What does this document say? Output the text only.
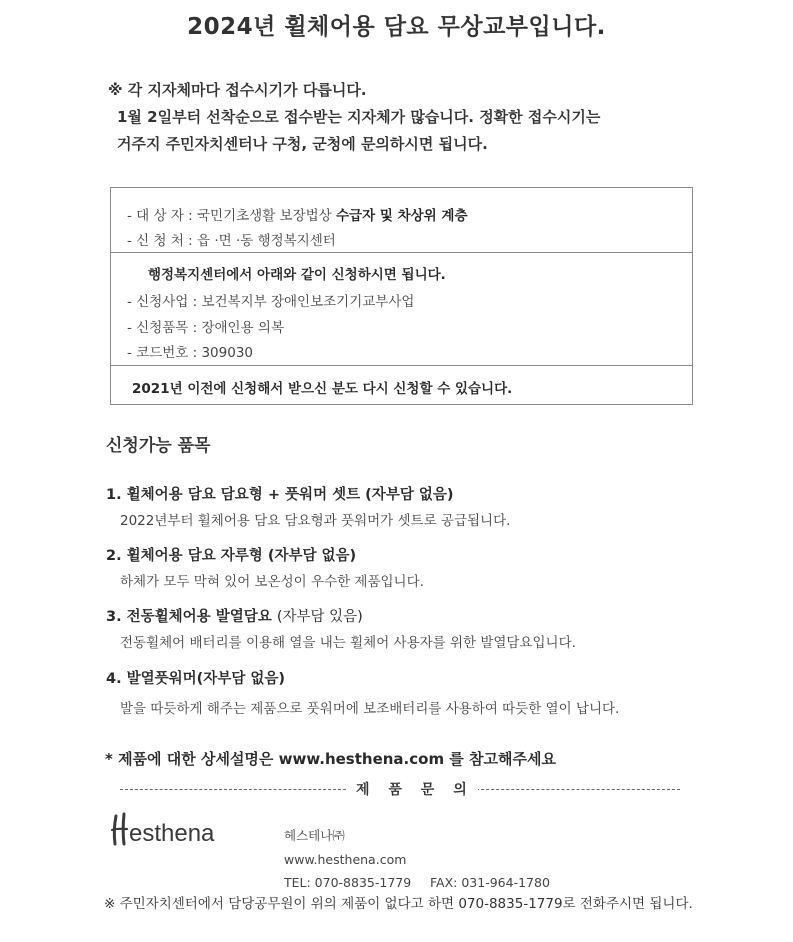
2024년 휠체어용 담요 무상교부입니다.
※ 각 지자체마다 접수시기가 다릅니다.
1월 2일부터 선착순으로 접수받는 지자체가 많습니다. 정확한 접수시기는
거주지 주민자치센터나 구청, 군청에 문의하시면 됩니다.
- 대 상 자 : 국민기초생활 보장법상 수급자 및 차상위 계층
- 신 청 처 : 읍 ·면 ·동 행정복지센터
행정복지센터에서 아래와 같이 신청하시면 됩니다.
- 신청사업 : 보건복지부 장애인보조기기교부사업
- 신청품목 : 장애인용 의복
- 코드번호 : 309030
2021년 이전에 신청해서 받으신 분도 다시 신청할 수 있습니다.
신청가능 품목
1. 휠체어용 담요 담요형 + 풋워머 셋트 (자부담 없음)
2022년부터 휠체어용 담요 담요형과 풋워머가 셋트로 공급됩니다.
2. 휠체어용 담요 자루형 (자부담 없음)
하체가 모두 막혀 있어 보온성이 우수한 제품입니다.
3. 전동휠체어용 발열담요 (자부담 있음)
전동휠체어 배터리를 이용해 열을 내는 휠체어 사용자를 위한 발열담요입니다.
4. 발열풋워머(자부담 없음)
발을 따듯하게 해주는 제품으로 풋워머에 보조배터리를 사용하여 따듯한 열이 납니다.
* 제품에 대한 상세설명은 www.hesthena.com 를 참고해주세요
제 품 문 의
esthena	헤스테나㈜
www.hesthena.com
TEL: 070-8835-1779 FAX: 031-964-1780
※ 주민자치센터에서 담당공무원이 위의 제품이 없다고 하면 070-8835-1779로 전화주시면 됩니다.
